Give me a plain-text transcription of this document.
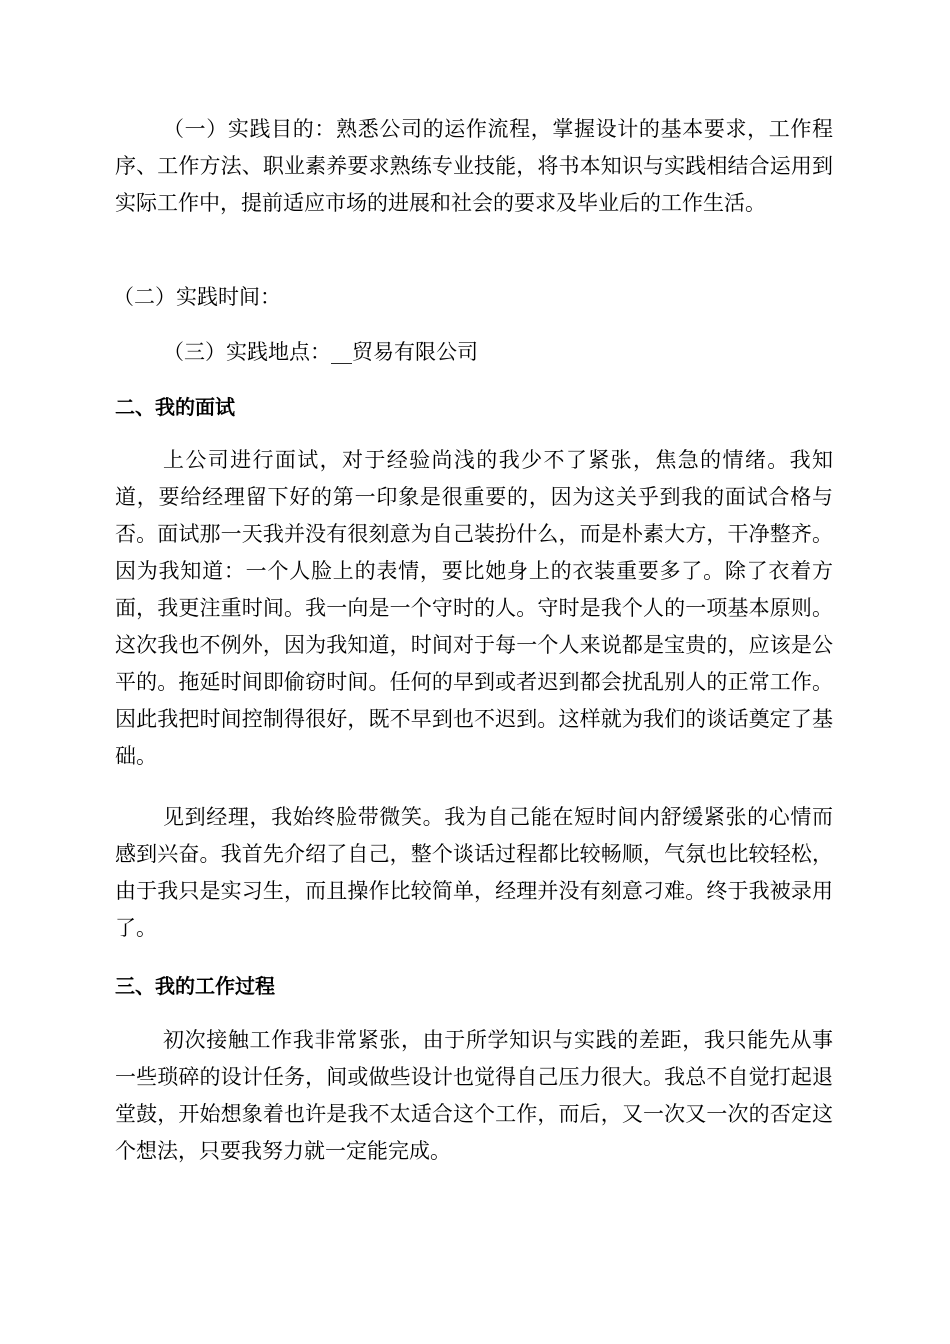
（一）实践目的：熟悉公司的运作流程，掌握设计的基本要求，工作程序、工作方法、职业素养要求熟练专业技能，将书本知识与实践相结合运用到实际工作中，提前适应市场的进展和社会的要求及毕业后的工作生活。

（二）实践时间：

（三）实践地点：__贸易有限公司

二、我的面试

上公司进行面试，对于经验尚浅的我少不了紧张，焦急的情绪。我知道，要给经理留下好的第一印象是很重要的，因为这关乎到我的面试合格与否。面试那一天我并没有很刻意为自己装扮什么，而是朴素大方，干净整齐。因为我知道：一个人脸上的表情，要比她身上的衣装重要多了。除了衣着方面，我更注重时间。我一向是一个守时的人。守时是我个人的一项基本原则。这次我也不例外，因为我知道，时间对于每一个人来说都是宝贵的，应该是公平的。拖延时间即偷窃时间。任何的早到或者迟到都会扰乱别人的正常工作。因此我把时间控制得很好，既不早到也不迟到。这样就为我们的谈话奠定了基础。

见到经理，我始终脸带微笑。我为自己能在短时间内舒缓紧张的心情而感到兴奋。我首先介绍了自己，整个谈话过程都比较畅顺，气氛也比较轻松，由于我只是实习生，而且操作比较简单，经理并没有刻意刁难。终于我被录用了。

三、我的工作过程

初次接触工作我非常紧张，由于所学知识与实践的差距，我只能先从事一些琐碎的设计任务，间或做些设计也觉得自己压力很大。我总不自觉打起退堂鼓，开始想象着也许是我不太适合这个工作，而后，又一次又一次的否定这个想法，只要我努力就一定能完成。
